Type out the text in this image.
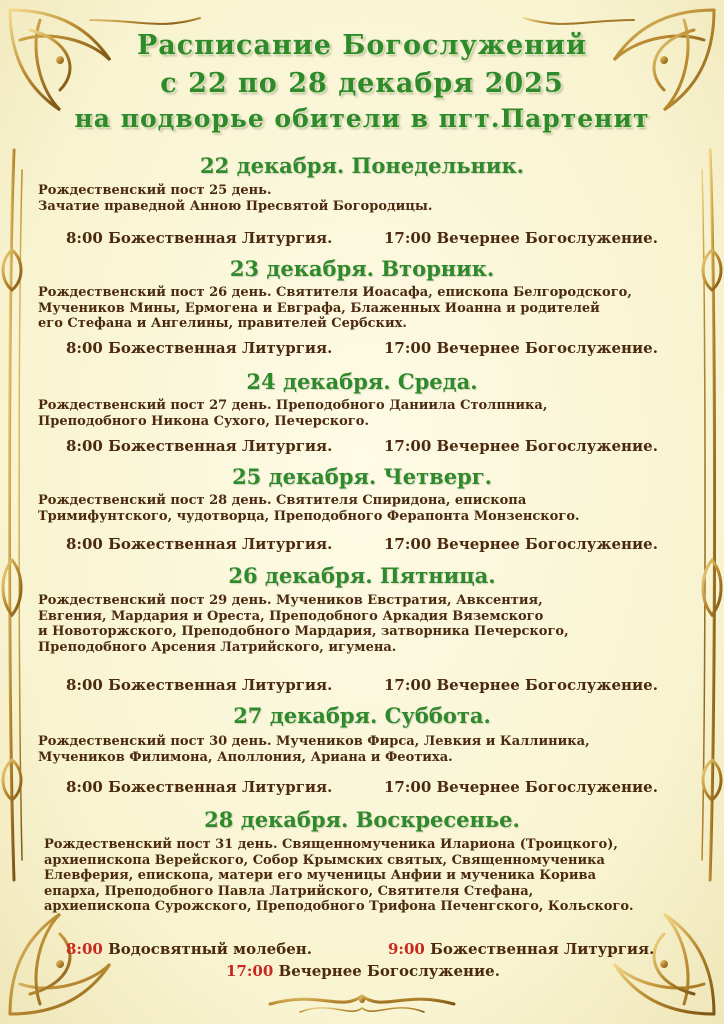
Расписание Богослужений
с 22 по 28 декабря 2025
на подворье обители в пгт.Партенит
22 декабря. Понедельник.
Рождественский пост 25 день.
Зачатие праведной Анною Пресвятой Богородицы.
8:00 Божественная Литургия.	17:00 Вечернее Богослужение.
23 декабря. Вторник.
Рождественский пост 26 день. Святителя Иоасафа, епископа Белгородского,
Мучеников Мины, Ермогена и Евграфа, Блаженных Иоанна и родителей
его Стефана и Ангелины, правителей Сербских.
8:00 Божественная Литургия.	17:00 Вечернее Богослужение.
24 декабря. Среда.
Рождественский пост 27 день. Преподобного Даниила Столпника,
Преподобного Никона Сухого, Печерского.
8:00 Божественная Литургия.	17:00 Вечернее Богослужение.
25 декабря. Четверг.
Рождественский пост 28 день. Святителя Спиридона, епископа
Тримифунтского, чудотворца, Преподобного Ферапонта Монзенского.
8:00 Божественная Литургия.	17:00 Вечернее Богослужение.
26 декабря. Пятница.
Рождественский пост 29 день. Мучеников Евстратия, Авксентия,
Евгения, Мардария и Ореста, Преподобного Аркадия Вяземского
и Новоторжского, Преподобного Мардария, затворника Печерского,
Преподобного Арсения Латрийского, игумена.
8:00 Божественная Литургия.	17:00 Вечернее Богослужение.
27 декабря. Суббота.
Рождественский пост 30 день. Мучеников Фирса, Левкия и Каллиника,
Мучеников Филимона, Аполлония, Ариана и Феотиха.
8:00 Божественная Литургия.	17:00 Вечернее Богослужение.
28 декабря. Воскресенье.
Рождественский пост 31 день. Священномученика Илариона (Троицкого),
архиепископа Верейского, Собор Крымских святых, Священномученика
Елевферия, епископа, матери его мученицы Анфии и мученика Корива
епарха, Преподобного Павла Латрийского, Святителя Стефана,
архиепископа Сурожского, Преподобного Трифона Печенгского, Кольского.
8:00 Водосвятный молебен.	9:00 Божественная Литургия.
17:00 Вечернее Богослужение.
